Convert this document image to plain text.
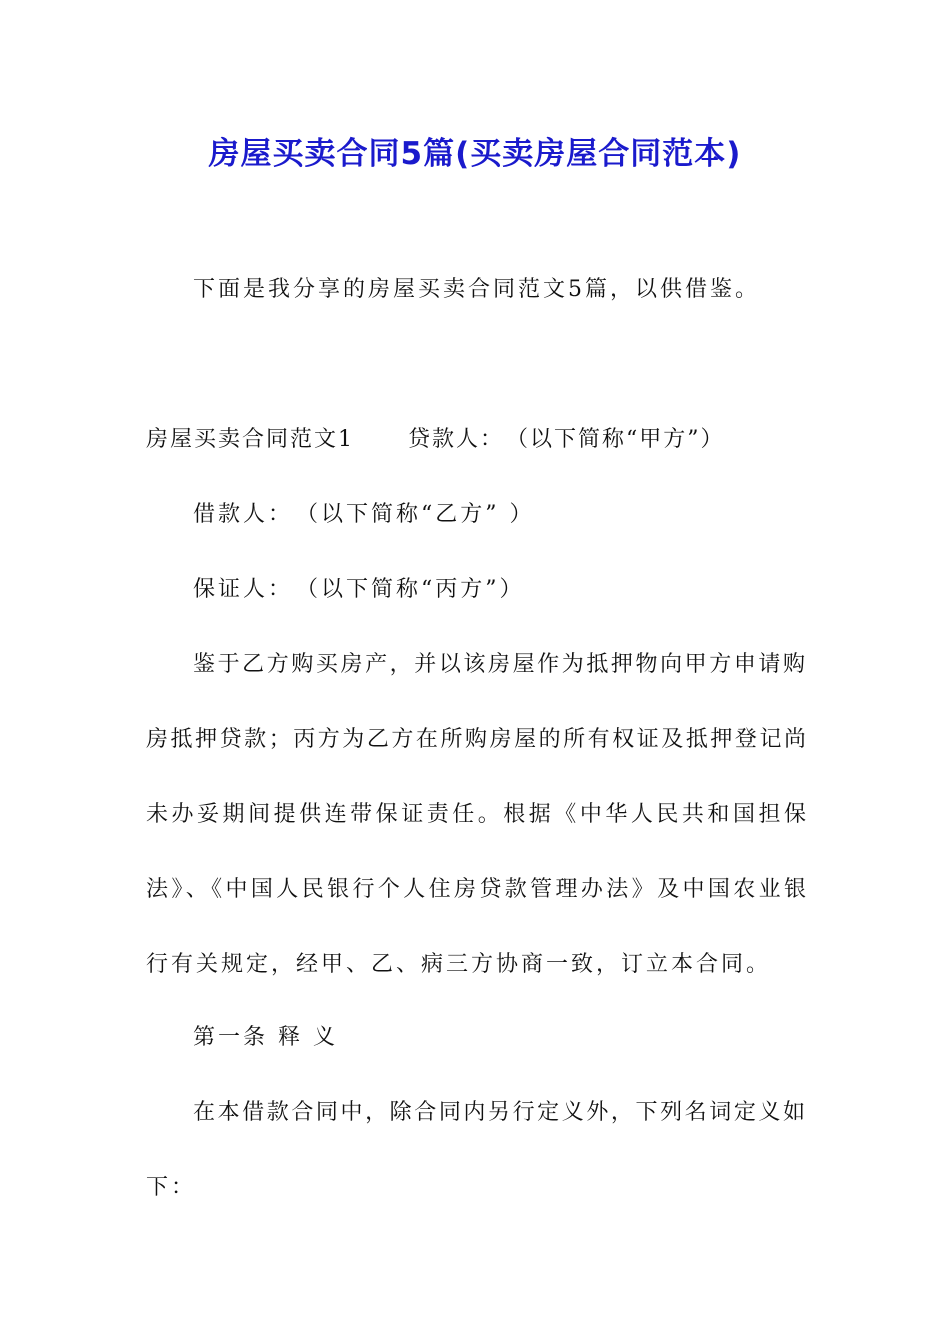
房屋买卖合同5篇(买卖房屋合同范本)
下面是我分享的房屋买卖合同范文5篇，以供借鉴。
房屋买卖合同范文1 贷款人：　（以下简称“甲方”）
借款人：　（以下简称“乙方” ）
保证人：　（以下简称“丙方”）
鉴于乙方购买房产，并以该房屋作为抵押物向甲方申请购
房抵押贷款；丙方为乙方在所购房屋的所有权证及抵押登记尚
未办妥期间提供连带保证责任。根据《中华人民共和国担保
法》、《中国人民银行个人住房贷款管理办法》及中国农业银
行有关规定，经甲、乙、病三方协商一致，订立本合同。
第一条 释 义
在本借款合同中，除合同内另行定义外，下列名词定义如
下：
